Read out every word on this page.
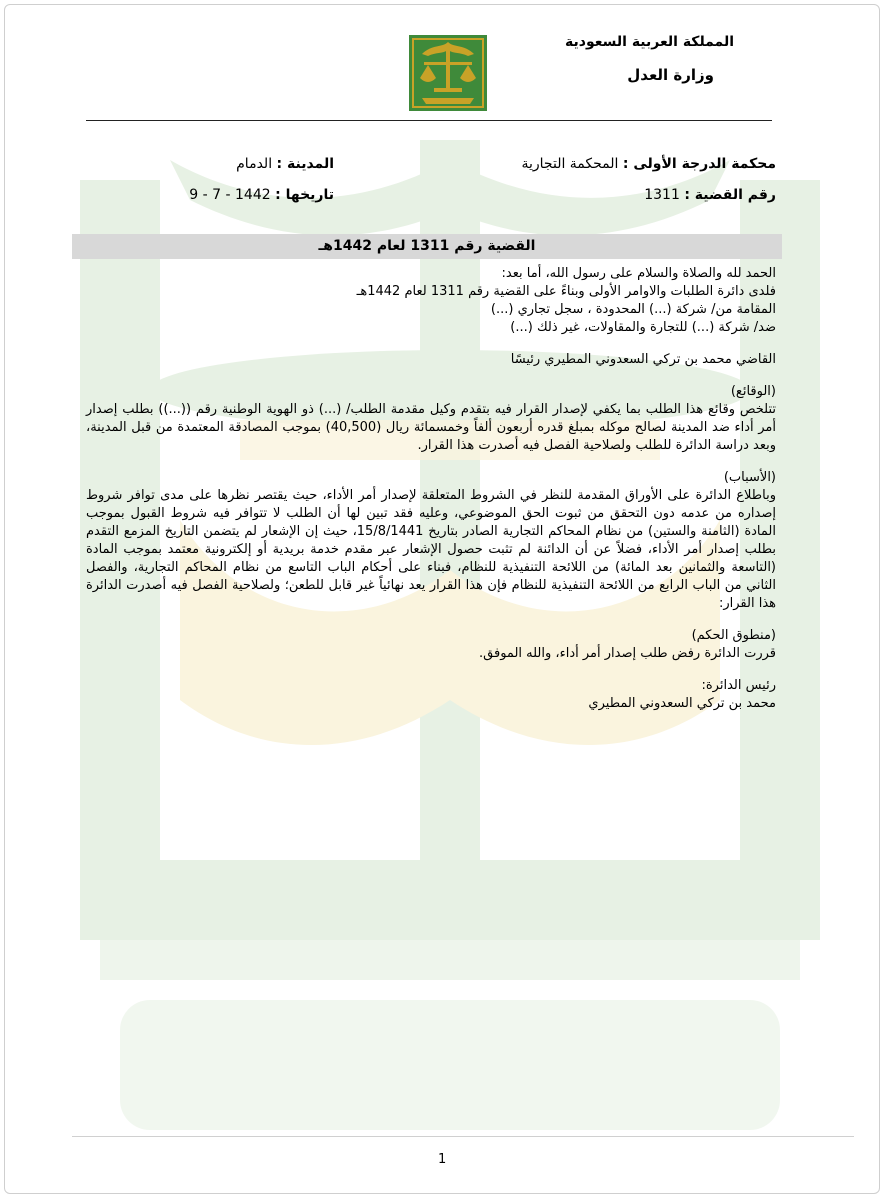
المملكة العربية السعودية
وزارة العدل
محكمة الدرجة الأولى : المحكمة التجارية
المدينة : الدمام
رقم القضية : 1311
تاريخها : 9 - 7 - 1442
القضية رقم 1311 لعام 1442هـ
الحمد لله والصلاة والسلام على رسول الله، أما بعد:
فلدى دائرة الطلبات والاوامر الأولى وبناءً على القضية رقم 1311 لعام 1442هـ
المقامة من/ شركة (...) المحدودة ، سجل تجاري (...)
ضد/ شركة (...) للتجارة والمقاولات، غير ذلك (...)
القاضي محمد بن تركي السعدوني المطيري رئيسًا
(الوقائع)
تتلخص وقائع هذا الطلب بما يكفي لإصدار القرار فيه بتقدم وكيل مقدمة الطلب/ (...) ذو الهوية الوطنية رقم ((...)) بطلب إصدار أمر أداء ضد المدينة لصالح موكله بمبلغ قدره أربعون ألفاً وخمسمائة ريال (40,500) بموجب المصادقة المعتمدة من قبل المدينة، وبعد دراسة الدائرة للطلب ولصلاحية الفصل فيه أصدرت هذا القرار.
(الأسباب)
وباطلاع الدائرة على الأوراق المقدمة للنظر في الشروط المتعلقة لإصدار أمر الأداء، حيث يقتصر نظرها على مدى توافر شروط إصداره من عدمه دون التحقق من ثبوت الحق الموضوعي، وعليه فقد تبين لها أن الطلب لا تتوافر فيه شروط القبول بموجب المادة (الثامنة والستين) من نظام المحاكم التجارية الصادر بتاريخ 15/8/1441، حيث إن الإشعار لم يتضمن التاريخ المزمع التقدم بطلب إصدار أمر الأداء، فضلاً عن أن الدائنة لم تثبت حصول الإشعار عبر مقدم خدمة بريدية أو إلكترونية معتمد بموجب المادة (التاسعة والثمانين بعد المائة) من اللائحة التنفيذية للنظام، فبناء على أحكام الباب التاسع من نظام المحاكم التجارية، والفصل الثاني من الباب الرابع من اللائحة التنفيذية للنظام فإن هذا القرار يعد نهائياً غير قابل للطعن؛ ولصلاحية الفصل فيه أصدرت الدائرة هذا القرار:
(منطوق الحكم)
قررت الدائرة رفض طلب إصدار أمر أداء، والله الموفق.
رئيس الدائرة:
محمد بن تركي السعدوني المطيري
1
